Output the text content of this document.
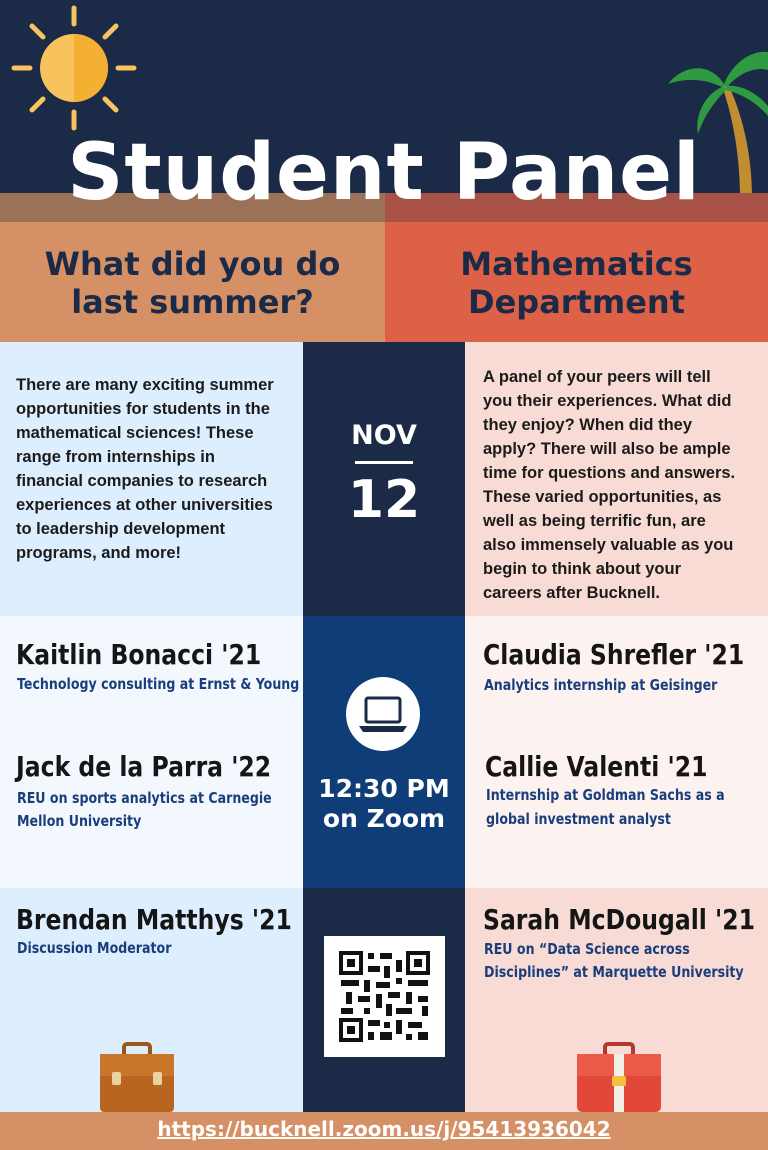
Student Panel
What did you do
last summer?
Mathematics
Department
There are many exciting summer
opportunities for students in the
mathematical sciences! These
range from internships in
financial companies to research
experiences at other universities
to leadership development
programs, and more!
NOV
12
A panel of your peers will tell
you their experiences. What did
they enjoy? When did they
apply? There will also be ample
time for questions and answers.
These varied opportunities, as
well as being terrific fun, are
also immensely valuable as you
begin to think about your
careers after Bucknell.
Kaitlin Bonacci '21
Technology consulting at Ernst & Young
Jack de la Parra '22
REU on sports analytics at Carnegie
Mellon University
12:30 PM
on Zoom
Claudia Shrefler '21
Analytics internship at Geisinger
Callie Valenti '21
Internship at Goldman Sachs as a
global investment analyst
Brendan Matthys '21
Discussion Moderator
Sarah McDougall '21
REU on “Data Science across
Disciplines” at Marquette University
https://bucknell.zoom.us/j/95413936042
